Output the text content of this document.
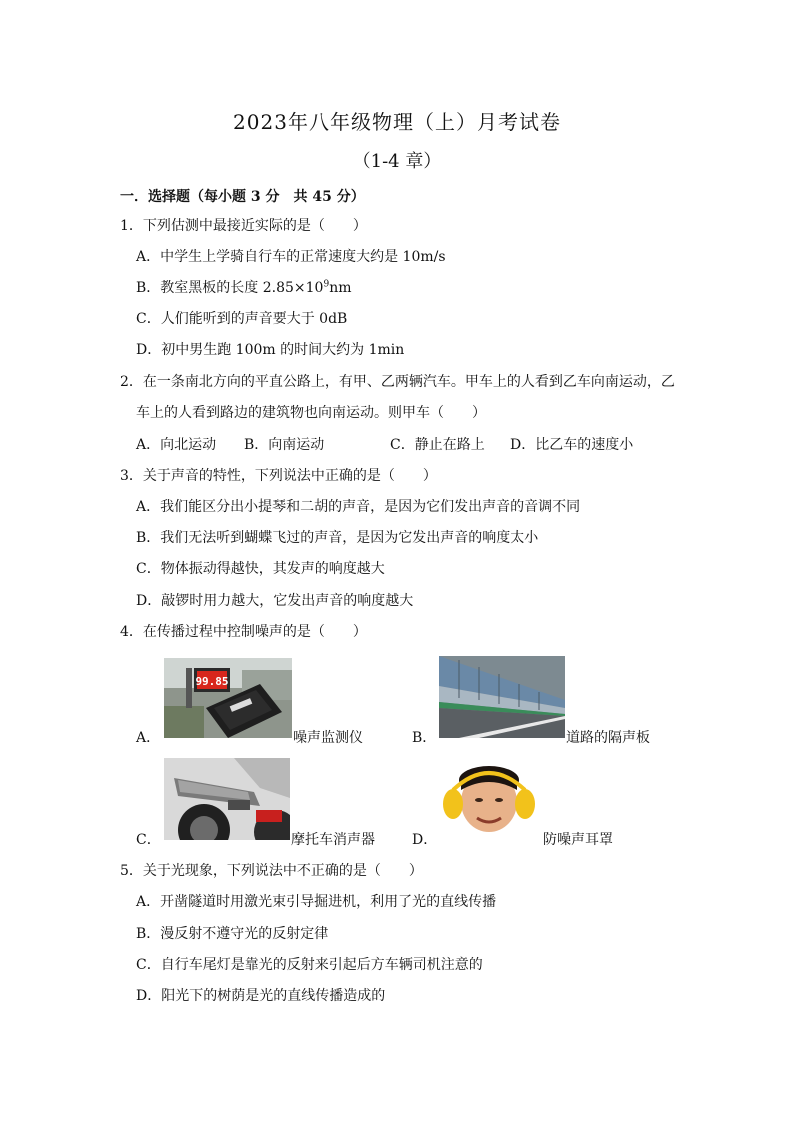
2023年八年级物理（上）月考试卷
（1-4 章）
一．选择题（每小题 3 分　共 45 分）
1．下列估测中最接近实际的是（　　）
A．中学生上学骑自行车的正常速度大约是 10m/s
B．教室黑板的长度 $2.85\times 10^9nm$
C．人们能听到的声音要大于 0dB
D．初中男生跑 100m 的时间大约为 1min
2．在一条南北方向的平直公路上，有甲、乙两辆汽车。甲车上的人看到乙车向南运动，乙
车上的人看到路边的建筑物也向南运动。则甲车（　　）
A．向北运动 B．向南运动	C．静止在路上 D．比乙车的速度小
3．关于声音的特性，下列说法中正确的是（　　）
A．我们能区分出小提琴和二胡的声音，是因为它们发出声音的音调不同
B．我们无法听到蝴蝶飞过的声音，是因为它发出声音的响度太小
C．物体振动得越快，其发声的响度越大
D．敲锣时用力越大，它发出声音的响度越大
4．在传播过程中控制噪声的是（　　）
A．
99.85
噪声监测仪	B．	道路的隔声板
C．	摩托车消声器	D．	防噪声耳罩
5．关于光现象，下列说法中不正确的是（　　）
A．开凿隧道时用激光束引导掘进机，利用了光的直线传播
B．漫反射不遵守光的反射定律
C．自行车尾灯是靠光的反射来引起后方车辆司机注意的
D．阳光下的树荫是光的直线传播造成的
